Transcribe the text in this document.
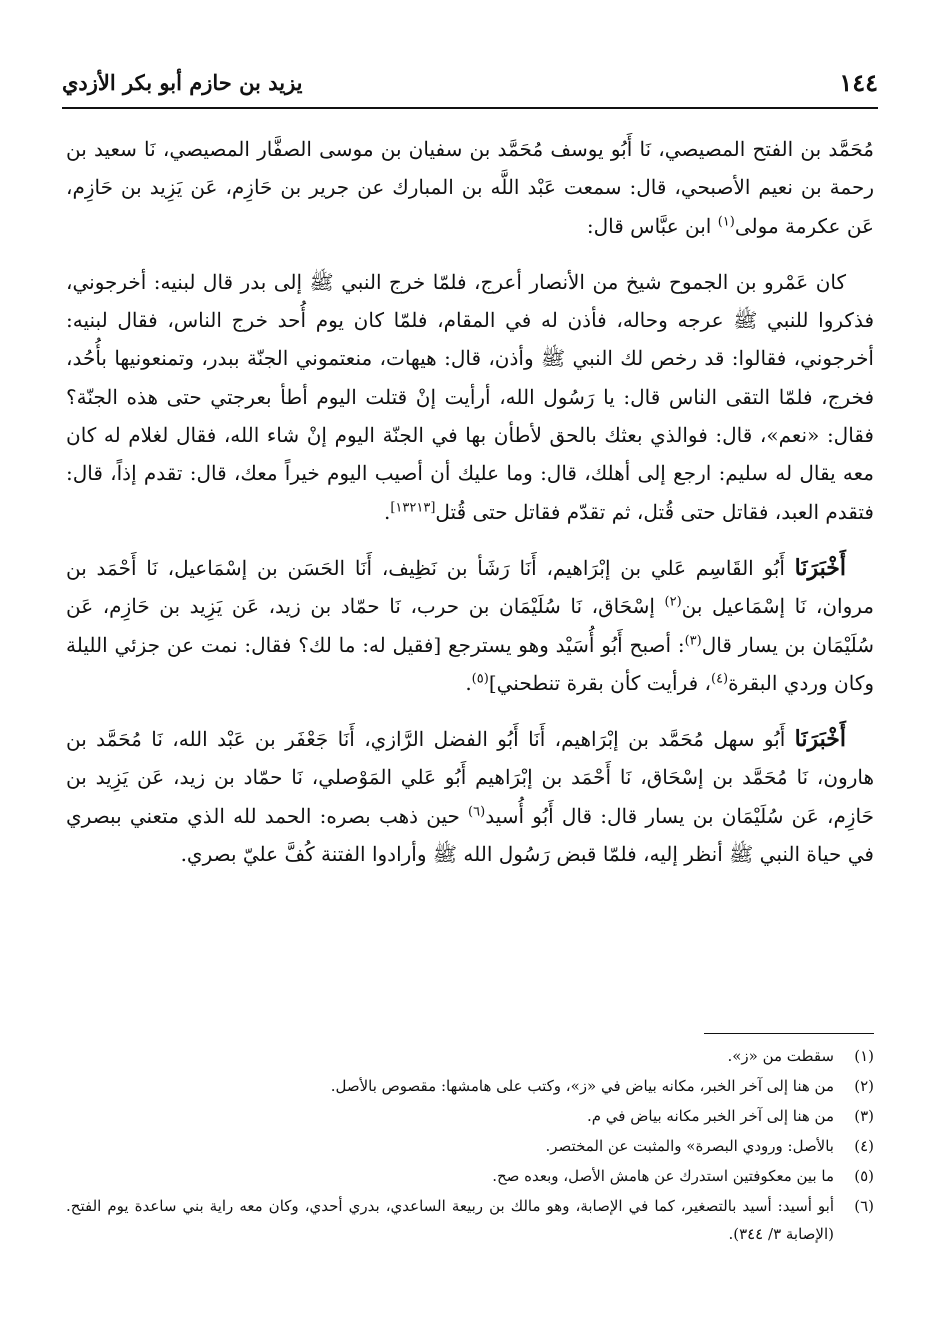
١٤٤
يزيد بن حازم أبو بكر الأزدي

مُحَمَّد بن الفتح المصيصي، نَا أَبُو يوسف مُحَمَّد بن سفيان بن موسى الصفَّار المصيصي، نَا سعيد بن رحمة بن نعيم الأصبحي، قال: سمعت عَبْد اللَّه بن المبارك عن جرير بن حَازِم، عَن يَزِيد بن حَازِم، عَن عكرمة مولى$^{(١)}$ ابن عبَّاس قال:

كان عَمْرو بن الجموح شيخ من الأنصار أعرج، فلمّا خرج النبي ﷺ إلى بدر قال لبنيه: أخرجوني، فذكروا للنبي ﷺ عرجه وحاله، فأذن له في المقام، فلمّا كان يوم أُحد خرج الناس، فقال لبنيه: أخرجوني، فقالوا: قد رخص لك النبي ﷺ وأذن، قال: هيهات، منعتموني الجنّة ببدر، وتمنعونيها بأُحُد، فخرج، فلمّا التقى الناس قال: يا رَسُول الله، أرأيت إنْ قتلت اليوم أطأ بعرجتي حتى هذه الجنّة؟ فقال: «نعم»، قال: فوالذي بعثك بالحق لأطأن بها في الجنّة اليوم إنْ شاء الله، فقال لغلام له كان معه يقال له سليم: ارجع إلى أهلك، قال: وما عليك أن أصيب اليوم خيراً معك، قال: تقدم إذاً، قال: فتقدم العبد، فقاتل حتى قُتل، ثم تقدّم فقاتل حتى قُتل[١٣٢١٣].

أَخْبَرَنَا أَبُو القَاسِم عَلي بن إبْرَاهيم، أَنَا رَشَأ بن نَظِيف، أَنَا الحَسَن بن إسْمَاعيل، نَا أَحْمَد بن مروان، نَا إسْمَاعيل بن$^{(٢)}$ إسْحَاق، نَا سُلَيْمَان بن حرب، نَا حمّاد بن زيد، عَن يَزِيد بن حَازِم، عَن سُلَيْمَان بن يسار قال$^{(٣)}$: أصبح أَبُو أُسَيْد وهو يسترجع [فقيل له: ما لك؟ فقال: نمت عن جزئي الليلة وكان وردي البقرة$^{(٤)}$، فرأيت كأن بقرة تنطحني]$^{(٥)}$.

أَخْبَرَنَا أَبُو سهل مُحَمَّد بن إبْرَاهيم، أَنَا أَبُو الفضل الرَّازي، أَنَا جَعْفَر بن عَبْد الله، نَا مُحَمَّد بن هارون، نَا مُحَمَّد بن إسْحَاق، نَا أَحْمَد بن إبْرَاهيم أَبُو عَلي المَوْصلي، نَا حمّاد بن زيد، عَن يَزِيد بن حَازِم، عَن سُلَيْمَان بن يسار قال: قال أَبُو أُسيد$^{(٦)}$ حين ذهب بصره: الحمد لله الذي متعني ببصري في حياة النبي ﷺ أنظر إليه، فلمّا قبض رَسُول الله ﷺ وأرادوا الفتنة كُفَّ عليّ بصري.

(١)
سقطت من «ز».
(٢)
من هنا إلى آخر الخبر، مكانه بياض في «ز»، وكتب على هامشها: مقصوص بالأصل.
(٣)
من هنا إلى آخر الخبر مكانه بياض في م.
(٤)
بالأصل: ورودي البصرة» والمثبت عن المختصر.
(٥)
ما بين معكوفتين استدرك عن هامش الأصل، وبعده صح.
(٦)
أبو أسيد: أسيد بالتصغير، كما في الإصابة، وهو مالك بن ربيعة الساعدي، بدري أحدي، وكان معه راية بني ساعدة يوم الفتح. (الإصابة ٣/ ٣٤٤).
